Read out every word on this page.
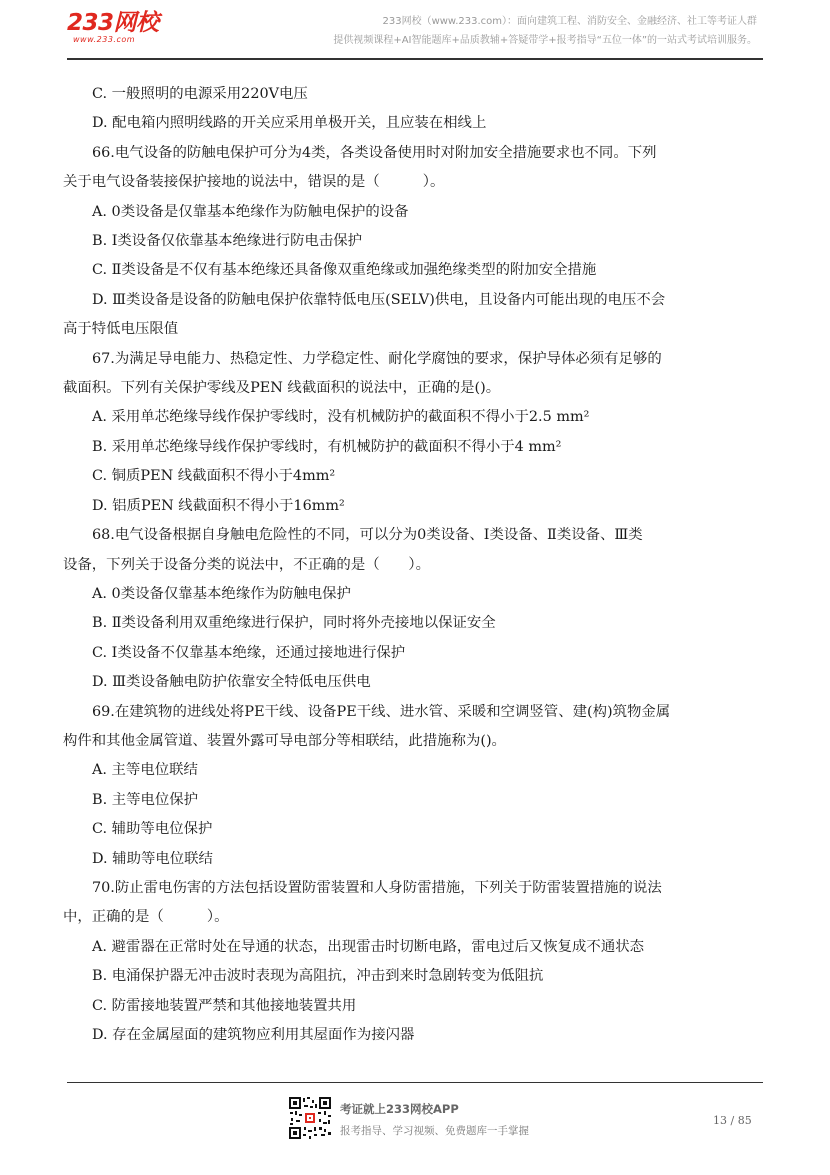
233网校
www.233.com
233网校（www.233.com）：面向建筑工程、消防安全、金融经济、社工等考证人群
提供视频课程+AI智能题库+品质教辅+答疑带学+报考指导“五位一体”的一站式考试培训服务。
C. 一般照明的电源采用220V电压
D. 配电箱内照明线路的开关应采用单极开关，且应装在相线上
66.电气设备的防触电保护可分为4类，各类设备使用时对附加安全措施要求也不同。下列
关于电气设备装接保护接地的说法中，错误的是（　　　）。
A. 0类设备是仅靠基本绝缘作为防触电保护的设备
B. I类设备仅依靠基本绝缘进行防电击保护
C. Ⅱ类设备是不仅有基本绝缘还具备像双重绝缘或加强绝缘类型的附加安全措施
D. Ⅲ类设备是设备的防触电保护依靠特低电压(SELV)供电，且设备内可能出现的电压不会
高于特低电压限值
67.为满足导电能力、热稳定性、力学稳定性、耐化学腐蚀的要求，保护导体必须有足够的
截面积。下列有关保护零线及PEN 线截面积的说法中，正确的是()。
A. 采用单芯绝缘导线作保护零线时，没有机械防护的截面积不得小于2.5 mm²
B. 采用单芯绝缘导线作保护零线时，有机械防护的截面积不得小于4 mm²
C. 铜质PEN 线截面积不得小于4mm²
D. 铝质PEN 线截面积不得小于16mm²
68.电气设备根据自身触电危险性的不同，可以分为0类设备、Ⅰ类设备、Ⅱ类设备、Ⅲ类
设备，下列关于设备分类的说法中，不正确的是（　　）。
A. 0类设备仅靠基本绝缘作为防触电保护
B. Ⅱ类设备利用双重绝缘进行保护，同时将外壳接地以保证安全
C. Ⅰ类设备不仅靠基本绝缘，还通过接地进行保护
D. Ⅲ类设备触电防护依靠安全特低电压供电
69.在建筑物的进线处将PE干线、设备PE干线、进水管、采暖和空调竖管、建(构)筑物金属
构件和其他金属管道、装置外露可导电部分等相联结，此措施称为()。
A. 主等电位联结
B. 主等电位保护
C. 辅助等电位保护
D. 辅助等电位联结
70.防止雷电伤害的方法包括设置防雷装置和人身防雷措施，下列关于防雷装置措施的说法
中，正确的是（　　　）。
A. 避雷器在正常时处在导通的状态，出现雷击时切断电路，雷电过后又恢复成不通状态
B. 电涌保护器无冲击波时表现为高阻抗，冲击到来时急剧转变为低阻抗
C. 防雷接地装置严禁和其他接地装置共用
D. 存在金属屋面的建筑物应利用其屋面作为接闪器
考证就上233网校APP
报考指导、学习视频、免费题库一手掌握
13 / 85
